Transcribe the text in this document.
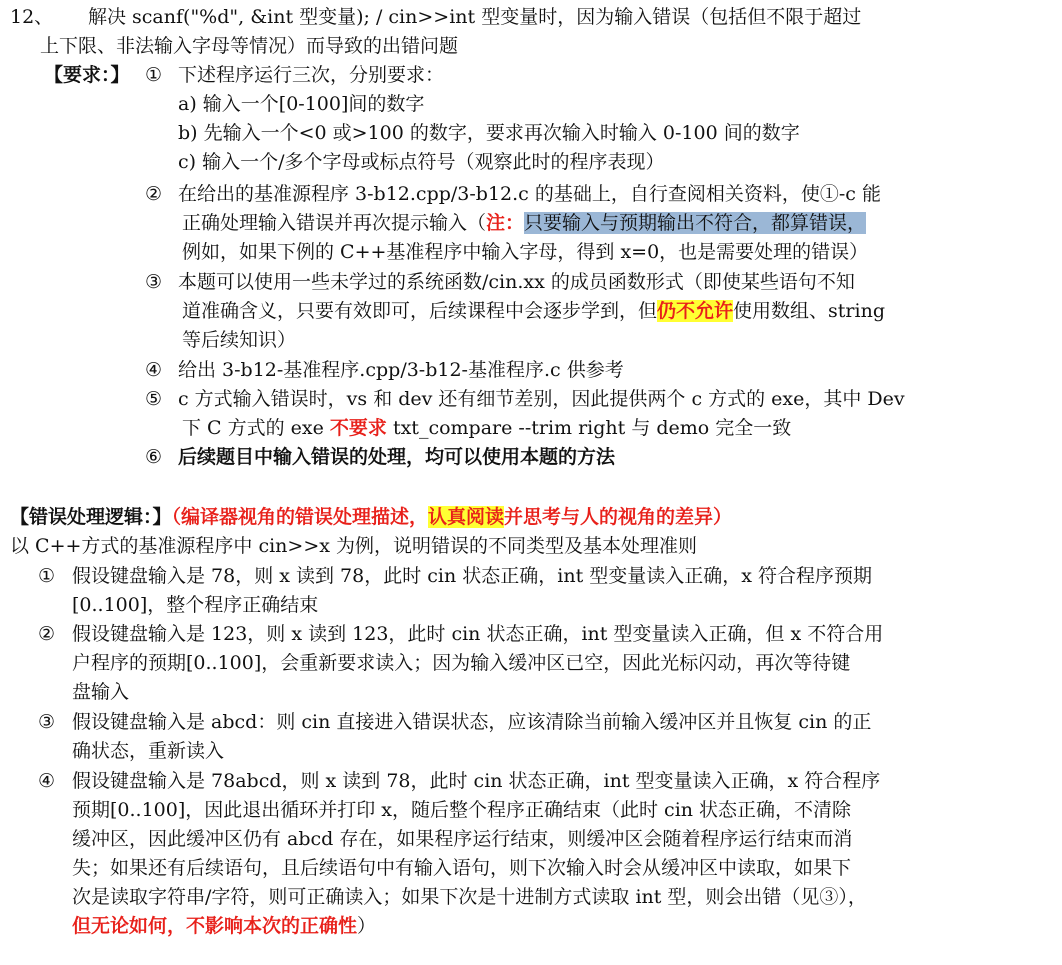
12、 解决 scanf("%d", &int 型变量); / cin>>int 型变量时，因为输入错误（包括但不限于超过
上下限、非法输入字母等情况）而导致的出错问题
【要求：】 ① 下述程序运行三次，分别要求：
a) 输入一个[0-100]间的数字
b) 先输入一个<0 或>100 的数字，要求再次输入时输入 0-100 间的数字
c) 输入一个/多个字母或标点符号（观察此时的程序表现）
② 在给出的基准源程序 3-b12.cpp/3-b12.c 的基础上，自行查阅相关资料，使①-c 能
正确处理输入错误并再次提示输入（注：只要输入与预期输出不符合，都算错误，
例如，如果下例的 C++基准程序中输入字母，得到 x=0，也是需要处理的错误）
③ 本题可以使用一些未学过的系统函数/cin.xx 的成员函数形式（即使某些语句不知
道准确含义，只要有效即可，后续课程中会逐步学到，但仍不允许使用数组、string
等后续知识）
④ 给出 3-b12-基准程序.cpp/3-b12-基准程序.c 供参考
⑤ c 方式输入错误时，vs 和 dev 还有细节差别，因此提供两个 c 方式的 exe，其中 Dev
下 C 方式的 exe 不要求 txt_compare --trim right 与 demo 完全一致
⑥ 后续题目中输入错误的处理，均可以使用本题的方法
【错误处理逻辑：】（编译器视角的错误处理描述，认真阅读并思考与人的视角的差异）
以 C++方式的基准源程序中 cin>>x 为例，说明错误的不同类型及基本处理准则
① 假设键盘输入是 78，则 x 读到 78，此时 cin 状态正确，int 型变量读入正确，x 符合程序预期
[0..100]，整个程序正确结束
② 假设键盘输入是 123，则 x 读到 123，此时 cin 状态正确，int 型变量读入正确，但 x 不符合用
户程序的预期[0..100]，会重新要求读入；因为输入缓冲区已空，因此光标闪动，再次等待键
盘输入
③ 假设键盘输入是 abcd：则 cin 直接进入错误状态，应该清除当前输入缓冲区并且恢复 cin 的正
确状态，重新读入
④ 假设键盘输入是 78abcd，则 x 读到 78，此时 cin 状态正确，int 型变量读入正确，x 符合程序
预期[0..100]，因此退出循环并打印 x，随后整个程序正确结束（此时 cin 状态正确，不清除
缓冲区，因此缓冲区仍有 abcd 存在，如果程序运行结束，则缓冲区会随着程序运行结束而消
失；如果还有后续语句，且后续语句中有输入语句，则下次输入时会从缓冲区中读取，如果下
次是读取字符串/字符，则可正确读入；如果下次是十进制方式读取 int 型，则会出错（见③），
但无论如何，不影响本次的正确性）
